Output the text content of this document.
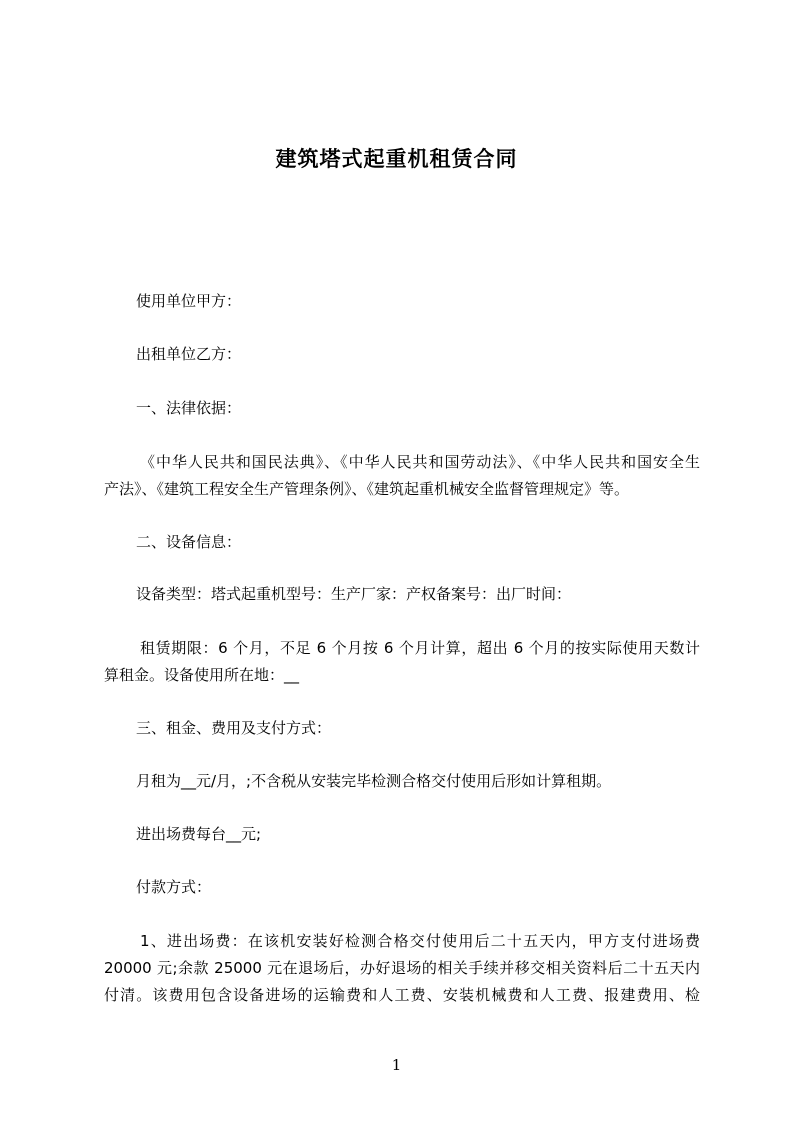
建筑塔式起重机租赁合同
使用单位甲方：
出租单位乙方：
一、法律依据：
《中华人民共和国民法典》、《中华人民共和国劳动法》、《中华人民共和国安全生
产法》、《建筑工程安全生产管理条例》、《建筑起重机械安全监督管理规定》等。
二、设备信息：
设备类型：塔式起重机型号：生产厂家：产权备案号：出厂时间：
租赁期限：6 个月，不足 6 个月按 6 个月计算，超出 6 个月的按实际使用天数计
算租金。设备使用所在地：__
三、租金、费用及支付方式：
月租为__元/月，;不含税从安装完毕检测合格交付使用后形如计算租期。
进出场费每台__元;
付款方式：
1、进出场费：在该机安装好检测合格交付使用后二十五天内，甲方支付进场费
20000 元;余款 25000 元在退场后，办好退场的相关手续并移交相关资料后二十五天内
付清。该费用包含设备进场的运输费和人工费、安装机械费和人工费、报建费用、检
1
